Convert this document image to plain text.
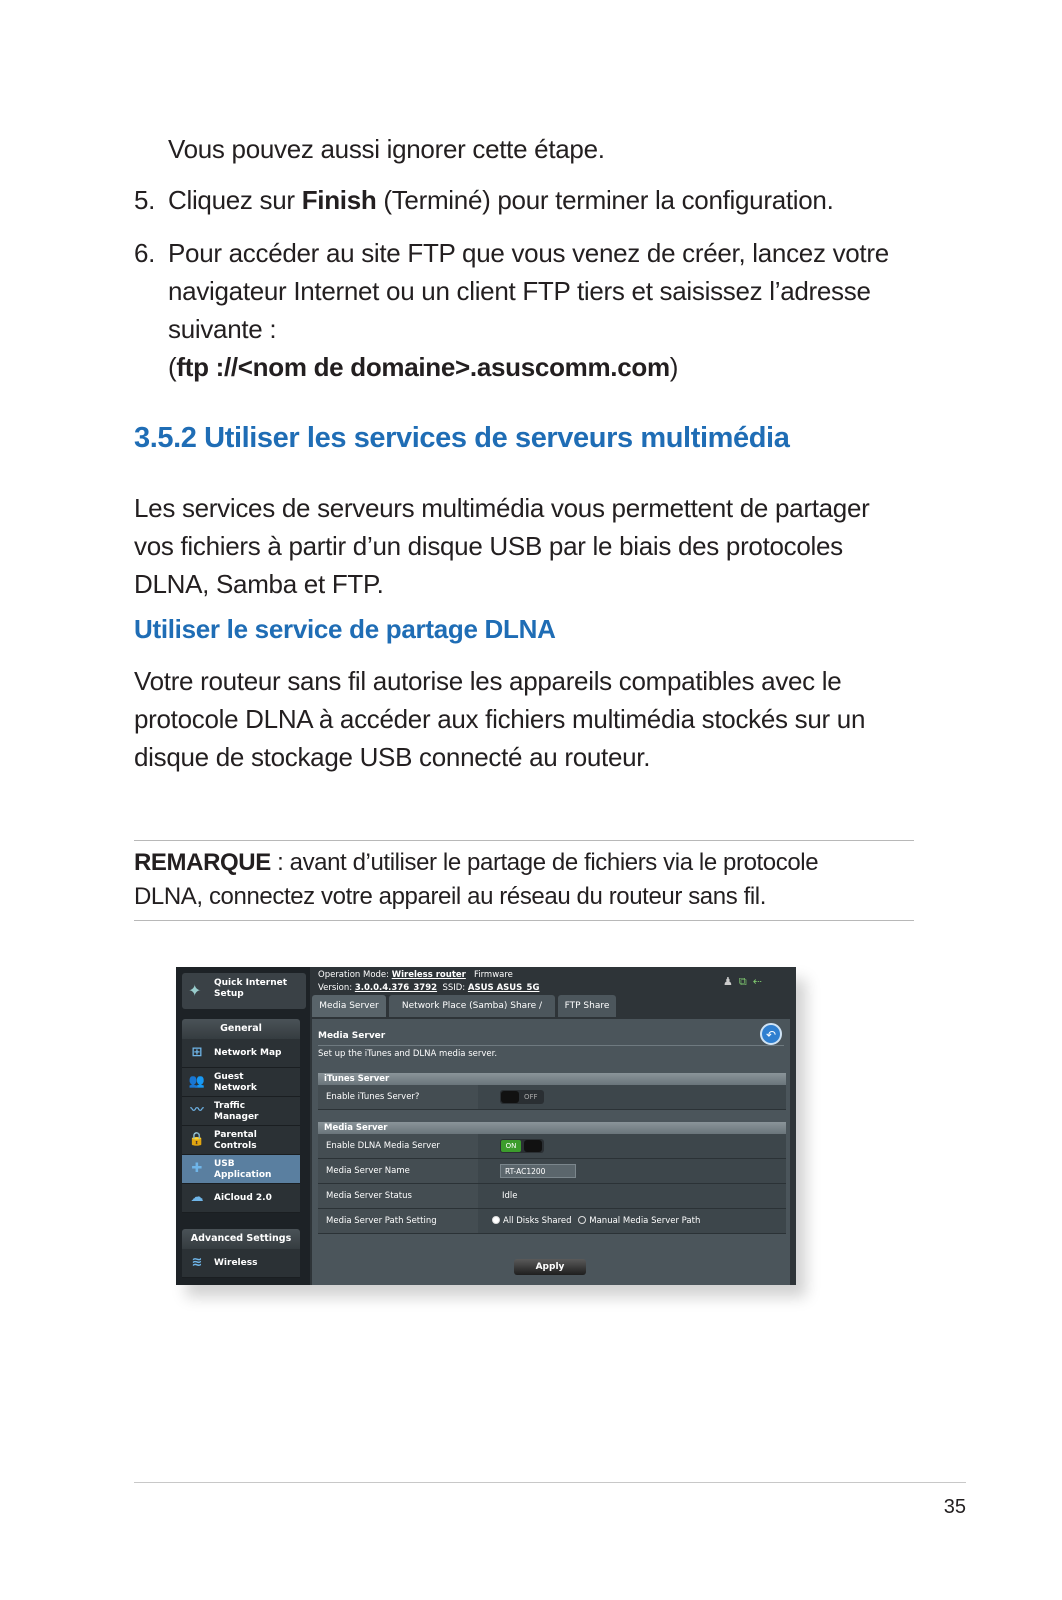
Vous pouvez aussi ignorer cette étape.
5. Cliquez sur Finish (Terminé) pour terminer la configuration.
6. Pour accéder au site FTP que vous venez de créer, lancez votre
navigateur Internet ou un client FTP tiers et saisissez l’adresse
suivante :
(ftp ://<nom de domaine>.asuscomm.com)
3.5.2 Utiliser les services de serveurs multimédia
Les services de serveurs multimédia vous permettent de partager
vos fichiers à partir d’un disque USB par le biais des protocoles
DLNA, Samba et FTP.
Utiliser le service de partage DLNA
Votre routeur sans fil autorise les appareils compatibles avec le
protocole DLNA à accéder aux fichiers multimédia stockés sur un
disque de stockage USB connecté au routeur.
REMARQUE : avant d’utiliser le partage de fichiers via le protocole
DLNA, connectez votre appareil au réseau du routeur sans fil.
✦ Quick Internet
Setup
General
⊞	Network Map
👥 Guest
Network
〰 Traffic
Manager
🔒 Parental
Controls
✚	USB
Application
☁ AiCloud 2.0
Advanced Settings
≋	Wireless
Operation Mode: Wireless router Firmware
Version: 3.0.0.4.376_3792 SSID: ASUS ASUS_5G	♟⧉⇠
Media Server	Network Place (Samba) Share /	FTP Share
Media Server	↶
Set up the iTunes and DLNA media server.
iTunes Server
Enable iTunes Server?	OFF
Media Server
Enable DLNA Media Server	ON
Media Server Name	RT-AC1200
Media Server Status	Idle
Media Server Path Setting	All Disks Shared Manual Media Server Path
Apply
35
